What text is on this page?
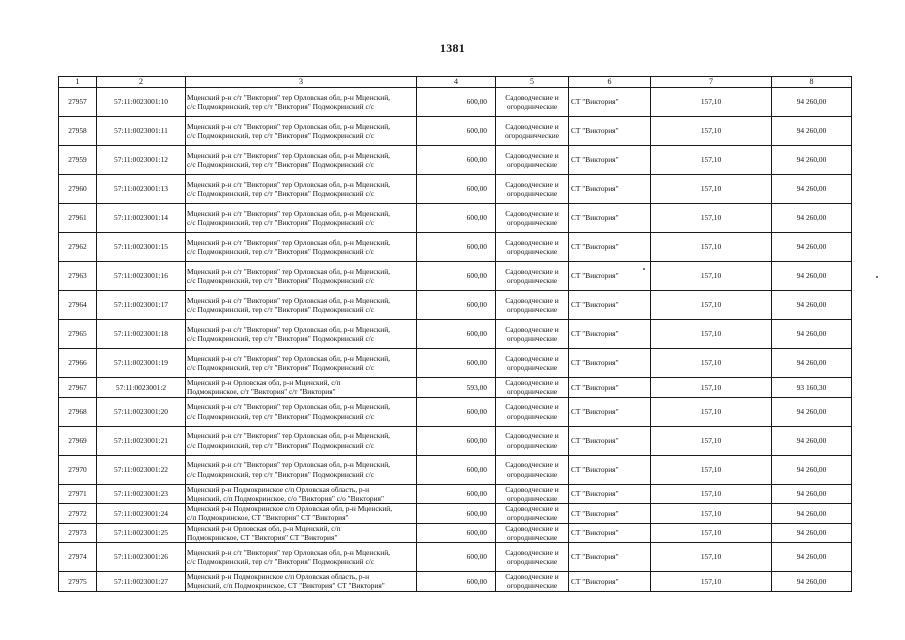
1381
1	2	3	4	5	6	7	8
27957	57:11:0023001:10	Мценский р-н с/т "Виктория" тер Орловская обл, р-н Мценский,
с/с Подмокринский, тер с/т "Виктория" Подмокринский с/с	600,00	Садоводческие и
огороднические	СТ "Виктория"	157,10	94 260,00
27958	57:11:0023001:11	Мценский р-н с/т "Виктория" тер Орловская обл, р-н Мценский,
с/с Подмокринский, тер с/т "Виктория" Подмокринский с/с	600,00	Садоводческие и
огородничческие	СТ "Виктория"	157,10	94 260,00
27959	57:11:0023001:12	Мценский р-н с/т "Виктория" тер Орловская обл, р-н Мценский,
с/с Подмокринский, тер с/т "Виктория" Подмокринский с/с	600,00	Садоводческие и
огороднические	СТ "Виктория"	157,10	94 260,00
27960	57:11:0023001:13	Мценский р-н с/т "Виктория" тер Орловская обл, р-н Мценский,
с/с Подмокринский, тер с/т "Виктория" Подмокринский с/с	600,00	Садоводческие и
огороднические	СТ "Виктория"	157,10	94 260,00
27961	57:11:0023001:14	Мценский р-н с/т "Виктория" тер Орловская обл, р-н Мценский,
с/с Подмокринский, тер с/т "Виктория" Подмокринский с/с	600,00	Садоводческие и
огороднические	СТ "Виктория"	157,10	94 260,00
27962	57:11:0023001:15	Мценский р-н с/т "Виктория" тер Орловская обл, р-н Мценский,
с/с Подмокринский, тер с/т "Виктория" Подмокринский с/с	600,00	Садоводческие и
огороднические	СТ "Виктория"	157,10	94 260,00
27963	57:11:0023001:16	Мценский р-н с/т "Виктория" тер Орловская обл, р-н Мценский,
с/с Подмокринский, тер с/т "Виктория" Подмокринский с/с	600,00	Садоводческие и
огороднические	СТ "Виктория"	157,10	94 260,00
27964	57:11:0023001:17	Мценский р-н с/т "Виктория" тер Орловская обл, р-н Мценский,
с/с Подмокринский, тер с/т "Виктория" Подмокринский с/с	600,00	Садоводческие и
огороднические	СТ "Виктория"	157,10	94 260,00
27965	57:11:0023001:18	Мценский р-н с/т "Виктория" тер Орловская обл, р-н Мценский,
с/с Подмокринский, тер с/т "Виктория" Подмокринский с/с	600,00	Садоводческие и
огороднические	СТ "Виктория"	157,10	94 260,00
27966	57:11:0023001:19	Мценский р-н с/т "Виктория" тер Орловская обл, р-н Мценский,
с/с Подмокринский, тер с/т "Виктория" Подмокринский с/с	600,00	Садоводческие и
огороднические	СТ "Виктория"	157,10	94 260,00
27967	57:11:0023001:2	Мценский р-н Орловская обл, р-н Мценский, с/п
Подмокринское, с/т "Виктория" с/т "Виктория"	593,00	Садоводческие и
огороднические	СТ "Виктория"	157,10	93 160,30
27968	57:11:0023001:20	Мценский р-н с/т "Виктория" тер Орловская обл, р-н Мценский,
с/с Подмокринский, тер с/т "Виктория" Подмокринский с/с	600,00	Садоводческие и
огороднические	СТ "Виктория"	157,10	94 260,00
27969	57:11:0023001:21	Мценский р-н с/т "Виктория" тер Орловская обл, р-н Мценский,
с/с Подмокринский, тер с/т "Виктория" Подмокринский с/с	600,00	Садоводческие и
огороднические	СТ "Виктория"	157,10	94 260,00
27970	57:11:0023001:22	Мценский р-н с/т "Виктория" тер Орловская обл, р-н Мценский,
с/с Подмокринский, тер с/т "Виктория" Подмокринский с/с	600,00	Садоводческие и
огороднические	СТ "Виктория"	157,10	94 260,00
27971	57:11:0023001:23	Мценский р-н Подмокринское с/п Орловская область, р-н
Мценский, с/п Подмокринское, с/о "Виктория" с/о "Виктория"	600,00	Садоводческие и
огороднические	СТ "Виктория"	157,10	94 260,00
27972	57:11:0023001:24	Мценский р-н Подмокринское с/п Орловская обл, р-н Мценский,
с/п Подмокринское, СТ "Виктория" СТ "Виктория"	600,00	Садоводческие и
огороднические	СТ "Виктория"	157,10	94 260,00
27973	57:11:0023001:25	Мценский р-н Орловская обл, р-н Мценский, с/п
Подмокринское, СТ "Виктория" СТ "Виктория"	600,00	Садоводческие и
огороднические	СТ "Виктория"	157,10	94 260,00
27974	57:11:0023001:26	Мценский р-н с/т "Виктория" тер Орловская обл, р-н Мценский,
с/с Подмокринский, тер с/т "Виктория" Подмокринский с/с	600,00	Садоводческие и
огороднические	СТ "Виктория"	157,10	94 260,00
27975	57:11:0023001:27	Мценский р-н Подмокринское с/п Орловская область, р-н
Мценский, с/п Подмокринское, СТ "Виктория" СТ "Виктория"	600,00	Садоводческие и
огороднические	СТ "Виктория"	157,10	94 260,00
